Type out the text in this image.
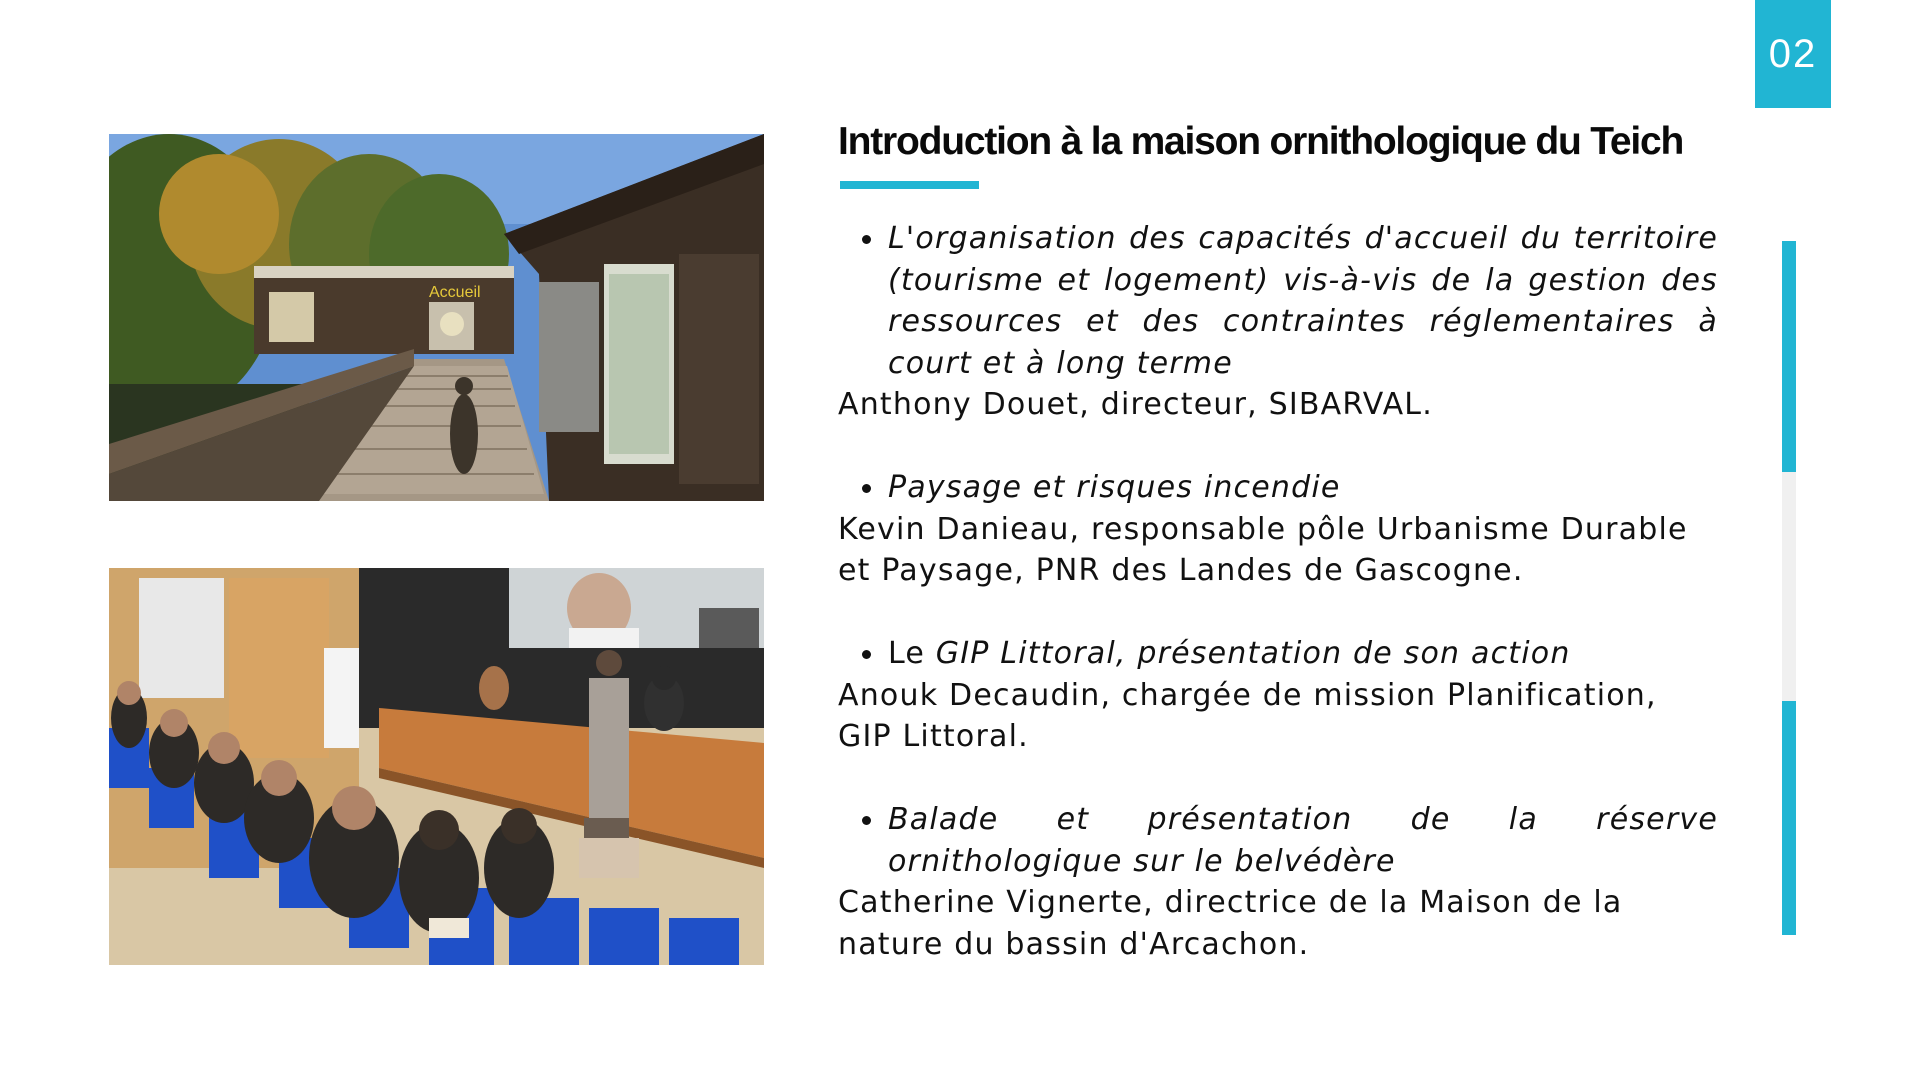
02
Accueil
Introduction à la maison ornithologique du Teich
L'organisation des capacités d'accueil du territoire (tourisme et logement) vis-à-vis de la gestion des ressources et des contraintes réglementaires à court et à long terme
Anthony Douet, directeur, SIBARVAL.
Paysage et risques incendie
Kevin Danieau, responsable pôle Urbanisme Durable et Paysage, PNR des Landes de Gascogne.
Le GIP Littoral, présentation de son action
Anouk Decaudin, chargée de mission Planification, GIP Littoral.
Balade et présentation de la réserve ornithologique sur le belvédère
Catherine Vignerte, directrice de la Maison de la nature du bassin d'Arcachon.
